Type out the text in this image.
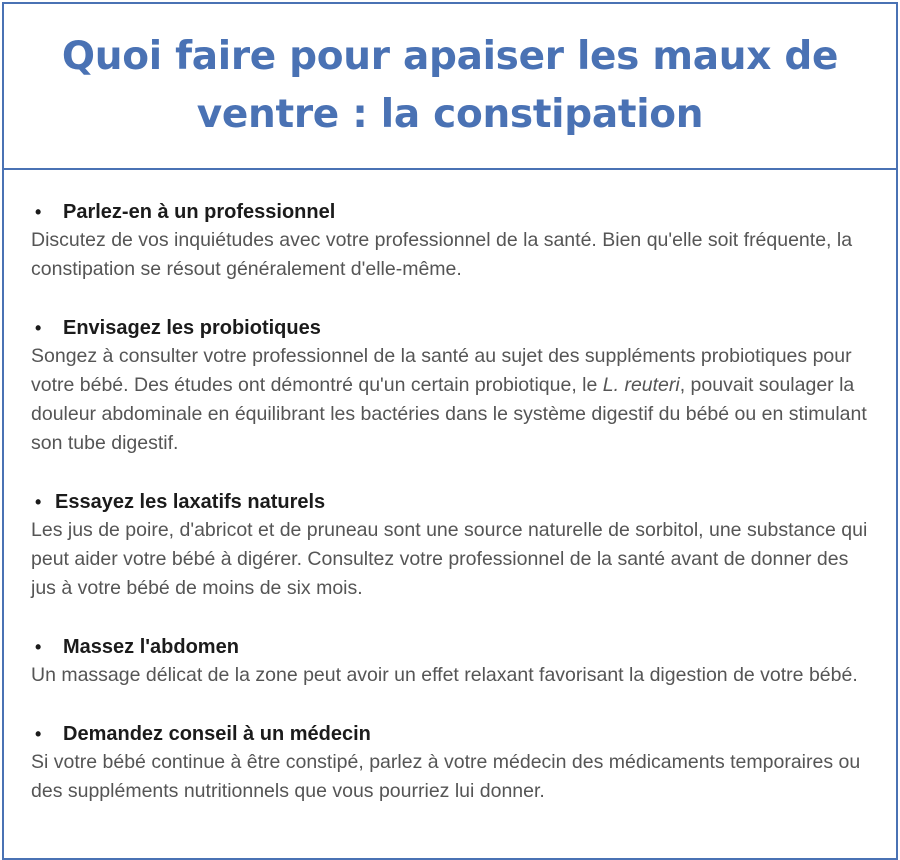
Quoi faire pour apaiser les maux de ventre : la constipation
•	Parlez-en à un professionnel

Discutez de vos inquiétudes avec votre professionnel de la santé. Bien qu'elle soit fréquente, la constipation se résout généralement d'elle-même.

•	Envisagez les probiotiques

Songez à consulter votre professionnel de la santé au sujet des suppléments probiotiques pour votre bébé. Des études ont démontré qu'un certain probiotique, le L. reuteri, pouvait soulager la douleur abdominale en équilibrant les bactéries dans le système digestif du bébé ou en stimulant son tube digestif.

• Essayez les laxatifs naturels

Les jus de poire, d'abricot et de pruneau sont une source naturelle de sorbitol, une substance qui peut aider votre bébé à digérer. Consultez votre professionnel de la santé avant de donner des jus à votre bébé de moins de six mois.

•	Massez l'abdomen

Un massage délicat de la zone peut avoir un effet relaxant favorisant la digestion de votre bébé.

•	Demandez conseil à un médecin

Si votre bébé continue à être constipé, parlez à votre médecin des médicaments temporaires ou des suppléments nutritionnels que vous pourriez lui donner.
